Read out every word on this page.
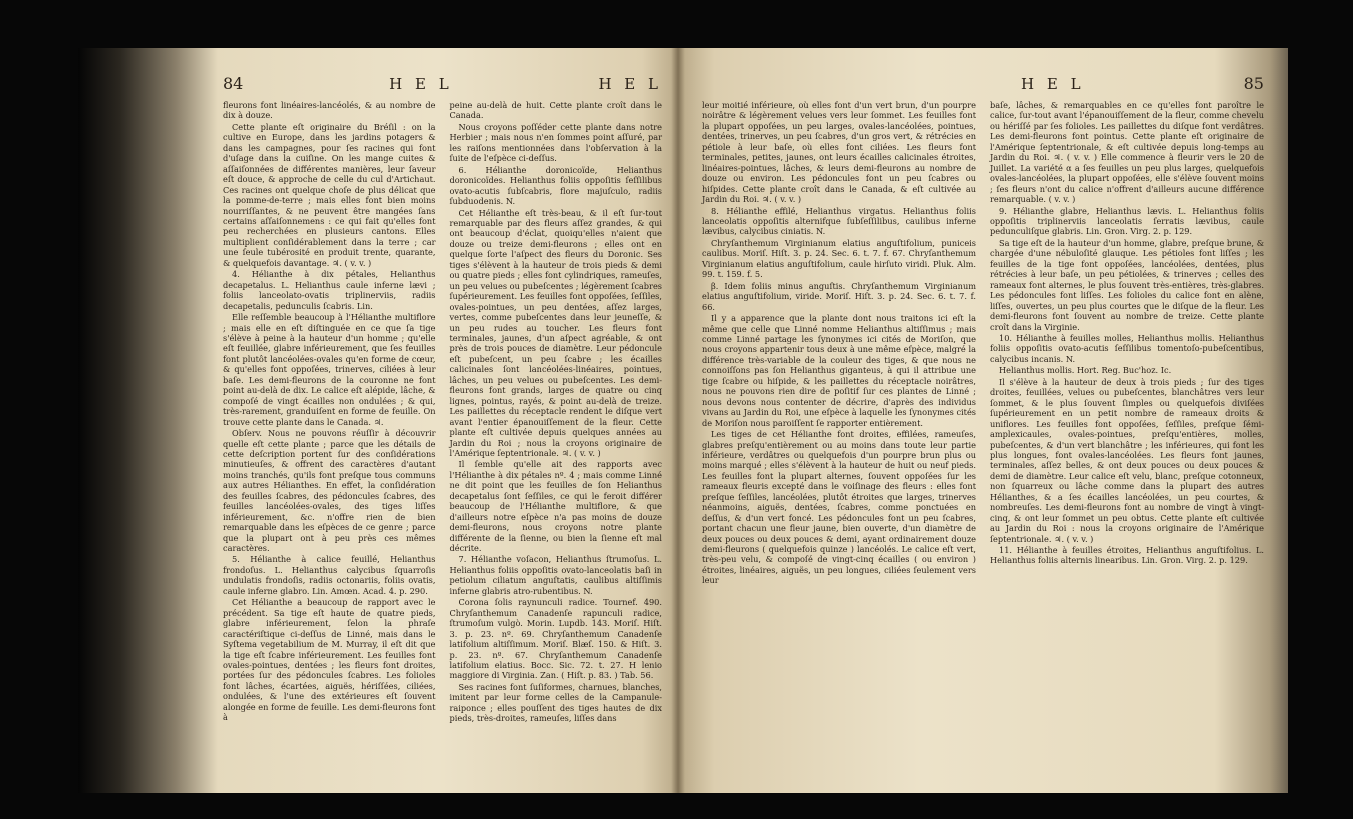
84	H E L	H E L

fleurons font linéaires-lancéolés, & au nombre de dix à douze.

Cette plante eſt originaire du Bréſil : on la cultive en Europe, dans les jardins potagers & dans les campagnes, pour ſes racines qui font d'uſage dans la cuiſine. On les mange cuites & aſſaiſonnées de différentes manières, leur ſaveur eſt douce, & approche de celle du cul d'Artichaut. Ces racines ont quelque choſe de plus délicat que la pomme-de-terre ; mais elles font bien moins nourriſſantes, & ne peuvent être mangées ſans certains aſſaiſonnemens : ce qui fait qu'elles font peu recherchées en plusieurs cantons. Elles multiplient conſidérablement dans la terre ; car une ſeule tubérosité en produit trente, quarante, & quelquefois davantage. ♃. ( v. v. )

4. Hélianthe à dix pétales, Helianthus decapetalus. L. Helianthus caule inferne lævi ; foliis lanceolato-ovatis triplinerviis, radiis decapetalis, pedunculis ſcabris. Lin.

Elle reſſemble beaucoup à l'Hélianthe multiflore ; mais elle en eſt diſtinguée en ce que ſa tige s'élève à peine à la hauteur d'un homme ; qu'elle eſt feuillée, glabre inférieurement, que ſes feuilles font plutôt lancéolées-ovales qu'en forme de cœur, & qu'elles font oppoſées, trinerves, ciliées à leur baſe. Les demi-fleurons de la couronne ne font point au-delà de dix. Le calice eſt alépide, lâche, & compoſé de vingt écailles non ondulées ; & qui, très-rarement, granduiſent en forme de feuille. On trouve cette plante dans le Canada. ♃.

Obſerv. Nous ne pouvons réuſſir à découvrir quelle eſt cette plante ; parce que les détails de cette deſcription portent ſur des conſidérations minutieuſes, & offrent des caractères d'autant moins tranchés, qu'ils font preſque tous communs aux autres Hélianthes. En effet, la conſidération des feuilles ſcabres, des pédoncules ſcabres, des feuilles lancéolées-ovales, des tiges liſſes inférieurement, &c. n'offre rien de bien remarquable dans les eſpèces de ce genre ; parce que la plupart ont à peu près ces mêmes caractères.

5. Hélianthe à calice feuillé, Helianthus frondoſus. L. Helianthus calycibus ſquarroſis undulatis frondoſis, radiis octonariis, foliis ovatis, caule inferne glabro. Lin. Amœn. Acad. 4. p. 290.

Cet Hélianthe a beaucoup de rapport avec le précédent. Sa tige eſt haute de quatre pieds, glabre inférieurement, ſelon la phraſe caractériſtique ci-deſſus de Linné, mais dans le Syſtema vegetabilium de M. Murray, il eſt dit que la tige eſt ſcabre inférieurement. Les feuilles font ovales-pointues, dentées ; les fleurs font droites, portées ſur des pédoncules ſcabres. Les folioles font lâches, écartées, aiguës, hériſſées, ciliées, ondulées, & l'une des extérieures eſt ſouvent alongée en forme de feuille. Les demi-fleurons font à

peine au-delà de huit. Cette plante croît dans le Canada.

Nous croyons poſſéder cette plante dans notre Herbier ; mais nous n'en ſommes point aſſuré, par les raiſons mentionnées dans l'obſervation à la ſuite de l'eſpèce ci-deſſus.

6. Hélianthe doronicoïde, Helianthus doronicoïdes. Helianthus foliis oppoſitis ſeſſilibus ovato-acutis ſubſcabris, flore majuſculo, radiis ſubduodenis. N.

Cet Hélianthe eſt très-beau, & il eſt ſur-tout remarquable par des fleurs aſſez grandes, & qui ont beaucoup d'éclat, quoiqu'elles n'aient que douze ou treize demi-fleurons ; elles ont en quelque ſorte l'aſpect des fleurs du Doronic. Ses tiges s'élèvent à la hauteur de trois pieds & demi ou quatre pieds ; elles font cylindriques, rameuſes, un peu velues ou pubeſcentes ; légèrement ſcabres ſupérieurement. Les feuilles font oppoſées, ſeſſiles, ovales-pointues, un peu dentées, aſſez larges, vertes, comme pubeſcentes dans leur jeuneſſe, & un peu rudes au toucher. Les fleurs font terminales, jaunes, d'un aſpect agréable, & ont près de trois pouces de diamètre. Leur pédoncule eſt pubeſcent, un peu ſcabre ; les écailles calicinales ſont lancéolées-linéaires, pointues, lâches, un peu velues ou pubeſcentes. Les demi-fleurons font grands, larges de quatre ou cinq lignes, pointus, rayés, & point au-delà de treize. Les paillettes du réceptacle rendent le diſque vert avant l'entier épanouiſſement de la fleur. Cette plante eſt cultivée depuis quelques années au Jardin du Roi ; nous la croyons originaire de l'Amérique ſeptentrionale. ♃. ( v. v. )

Il ſemble qu'elle ait des rapports avec l'Hélianthe à dix pétales nº. 4 ; mais comme Linné ne dit point que les feuilles de ſon Helianthus decapetalus ſont ſeſſiles, ce qui le feroit différer beaucoup de l'Hélianthe multiflore, & que d'ailleurs notre eſpèce n'a pas moins de douze demi-fleurons, nous croyons notre plante différente de la ſienne, ou bien la ſienne eſt mal décrite.

7. Hélianthe voſacon, Helianthus ſtrumoſus. L. Helianthus foliis oppoſitis ovato-lanceolatis baſi in petiolum ciliatum anguſtatis, caulibus altiſſimis inferne glabris atro-rubentibus. N.

Corona ſolis raynunculi radice. Tournef. 490. Chryſanthemum Canadenſe rapunculi radice, ſtrumoſum vulgò. Morin. Lupdb. 143. Moriſ. Hiſt. 3. p. 23. nº. 69. Chryſanthemum Canadenſe latifolium altiſſimum. Moriſ. Blæſ. 150. & Hiſt. 3. p. 23. nº. 67. Chryſanthemum Canadenſe latifolium elatius. Bocc. Sic. 72. t. 27. H lenio maggiore di Virginia. Zan. ( Hiſt. p. 83. ) Tab. 56.

Ses racines font ſuſiformes, charnues, blanches, imitent par leur forme celles de la Campanule-raiponce ; elles pouſſent des tiges hautes de dix pieds, très-droites, rameuſes, liſſes dans

H E L	85

leur moitié inférieure, où elles font d'un vert brun, d'un pourpre noirâtre & légèrement velues vers leur ſommet. Les feuilles font la plupart oppoſées, un peu larges, ovales-lancéolées, pointues, dentées, trinerves, un peu ſcabres, d'un gros vert, & rétrécies en pétiole à leur baſe, où elles font ciliées. Les fleurs font terminales, petites, jaunes, ont leurs écailles calicinales étroites, linéaires-pointues, lâches, & leurs demi-fleurons au nombre de douze ou environ. Les pédoncules font un peu ſcabres ou hiſpides. Cette plante croît dans le Canada, & eſt cultivée au Jardin du Roi. ♃. ( v. v. )

8. Hélianthe effilé, Helianthus virgatus. Helianthus foliis lanceolatis oppoſitis alternifque ſubſeſſilibus, caulibus inferne lævibus, calycibus ciniatis. N.

Chryſanthemum Virginianum elatius anguſtifolium, puniceis caulibus. Moriſ. Hiſt. 3. p. 24. Sec. 6. t. 7. f. 67. Chryſanthemum Virginianum elatius anguſtifolium, caule hirſuto viridi. Pluk. Alm. 99. t. 159. f. 5.

β. Idem foliis minus anguſtis. Chryſanthemum Virginianum elatius anguſtifolium, viride. Moriſ. Hiſt. 3. p. 24. Sec. 6. t. 7. f. 66.

Il y a apparence que la plante dont nous traitons ici eſt la même que celle que Linné nomme Helianthus altiſſimus ; mais comme Linné partage les ſynonymes ici cités de Moriſon, que nous croyons appartenir tous deux à une même eſpèce, malgré la différence très-variable de la couleur des tiges, & que nous ne connoiſſons pas ſon Helianthus giganteus, à qui il attribue une tige ſcabre ou hiſpide, & les paillettes du réceptacle noirâtres, nous ne pouvons rien dire de poſitif ſur ces plantes de Linné ; nous devons nous contenter de décrire, d'après des individus vivans au Jardin du Roi, une eſpèce à laquelle les ſynonymes cités de Moriſon nous paroiſſent ſe rapporter entièrement.

Les tiges de cet Hélianthe font droites, effilées, rameuſes, glabres preſqu'entièrement ou au moins dans toute leur partie inférieure, verdâtres ou quelquefois d'un pourpre brun plus ou moins marqué ; elles s'élèvent à la hauteur de huit ou neuf pieds. Les feuilles font la plupart alternes, ſouvent oppoſées ſur les rameaux fleuris excepté dans le voiſinage des fleurs : elles font preſque ſeſſiles, lancéolées, plutôt étroites que larges, trinerves néanmoins, aiguës, dentées, ſcabres, comme ponctuées en deſſus, & d'un vert foncé. Les pédoncules font un peu ſcabres, portant chacun une fleur jaune, bien ouverte, d'un diamètre de deux pouces ou deux pouces & demi, ayant ordinairement douze demi-fleurons ( quelquefois quinze ) lancéolés. Le calice eſt vert, très-peu velu, & compoſé de vingt-cinq écailles ( ou environ ) étroites, linéaires, aiguës, un peu longues, ciliées ſeulement vers leur

baſe, lâches, & remarquables en ce qu'elles font paroître le calice, ſur-tout avant l'épanouiſſement de la fleur, comme chevelu ou hériſſé par ſes folioles. Les paillettes du diſque font verdâtres. Les demi-fleurons font pointus. Cette plante eſt originaire de l'Amérique ſeptentrionale, & eſt cultivée depuis long-temps au Jardin du Roi. ♃. ( v. v. ) Elle commence à fleurir vers le 20 de Juillet. La variété α a ſes feuilles un peu plus larges, quelquefois ovales-lancéolées, la plupart oppoſées, elle s'élève ſouvent moins ; ſes fleurs n'ont du calice n'offrent d'ailleurs aucune différence remarquable. ( v. v. )

9. Hélianthe glabre, Helianthus lævis. L. Helianthus foliis oppoſitis triplinerviis lanceolatis ſerratis lævibus, caule pedunculiſque glabris. Lin. Gron. Virg. 2. p. 129.

Sa tige eſt de la hauteur d'un homme, glabre, preſque brune, & chargée d'une nébuloſité glauque. Les pétioles font liſſes ; les feuilles de la tige font oppoſées, lancéolées, dentées, plus rétrécies à leur baſe, un peu pétiolées, & trinerves ; celles des rameaux font alternes, le plus ſouvent très-entières, très-glabres. Les pédoncules font liſſes. Les folioles du calice font en alène, liſſes, ouvertes, un peu plus courtes que le diſque de la fleur. Les demi-fleurons font ſouvent au nombre de treize. Cette plante croît dans la Virginie.

10. Hélianthe à feuilles molles, Helianthus mollis. Helianthus foliis oppoſitis ovato-acutis ſeſſilibus tomentoſo-pubeſcentibus, calycibus incanis. N.

Helianthus mollis. Hort. Reg. Buc'hoz. Ic.

Il s'élève à la hauteur de deux à trois pieds ; ſur des tiges droites, feuillées, velues ou pubeſcentes, blanchâtres vers leur ſommet, & le plus ſouvent ſimples ou quelquefois diviſées ſupérieurement en un petit nombre de rameaux droits & uniflores. Les feuilles font oppoſées, ſeſſiles, preſque ſémi-amplexicaules, ovales-pointues, preſqu'entières, molles, pubeſcentes, & d'un vert blanchâtre ; les inférieures, qui font les plus longues, font ovales-lancéolées. Les fleurs font jaunes, terminales, aſſez belles, & ont deux pouces ou deux pouces & demi de diamètre. Leur calice eſt velu, blanc, preſque cotonneux, non ſquarreux ou lâche comme dans la plupart des autres Hélianthes, & a ſes écailles lancéolées, un peu courtes, & nombreuſes. Les demi-fleurons font au nombre de vingt à vingt-cinq, & ont leur ſommet un peu obtus. Cette plante eſt cultivée au Jardin du Roi : nous la croyons originaire de l'Amérique ſeptentrionale. ♃. ( v. v. )

11. Hélianthe à feuilles étroites, Helianthus anguſtifolius. L. Helianthus foliis alternis linearibus. Lin. Gron. Virg. 2. p. 129.
